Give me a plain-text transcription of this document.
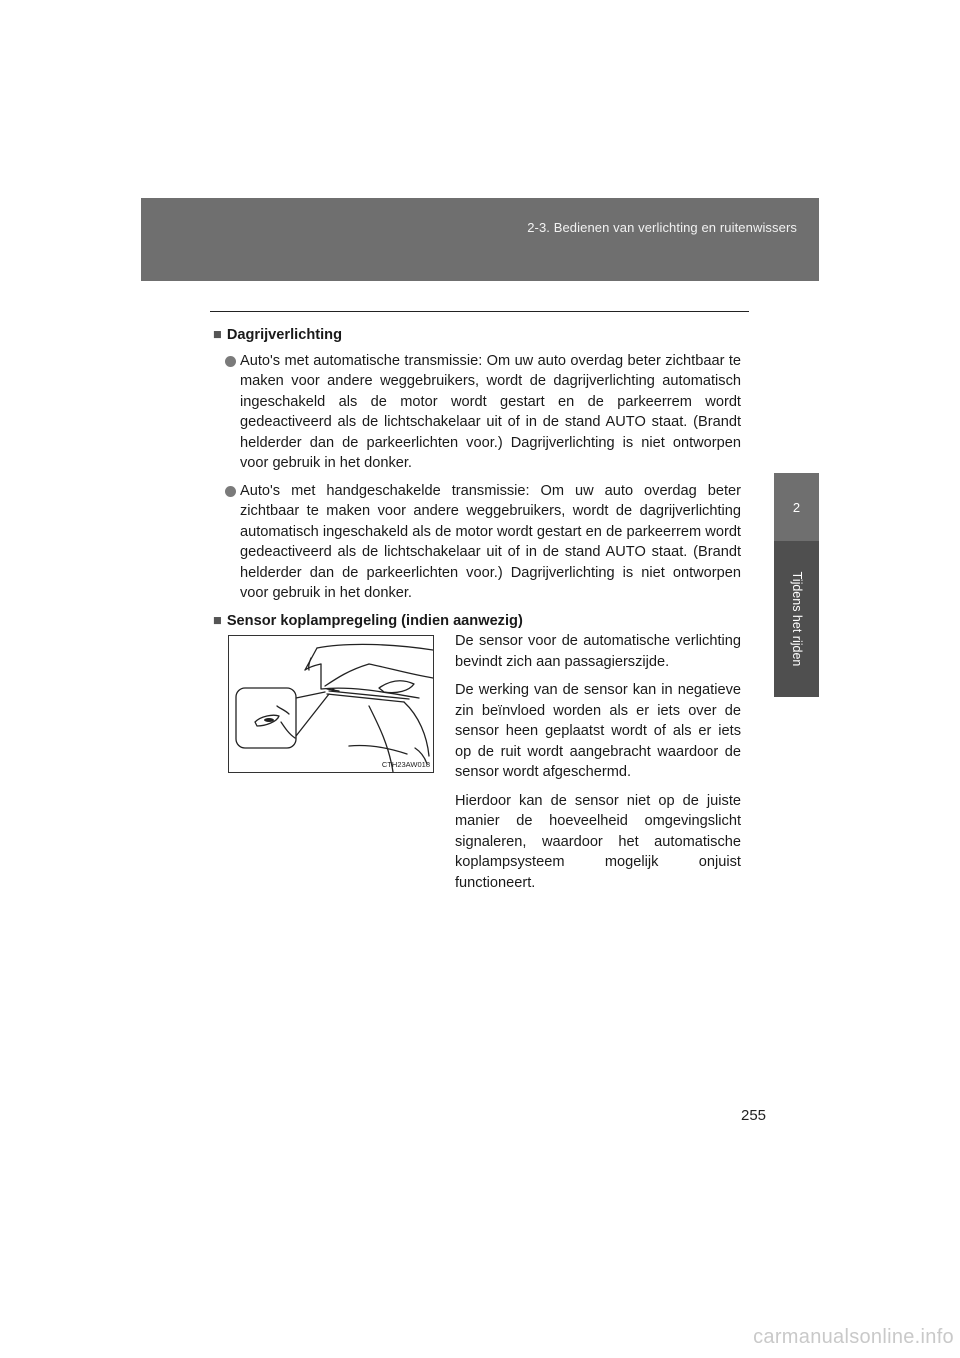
2-3. Bedienen van verlichting en ruitenwissers
2
Tijdens het rijden
■ Dagrijverlichting
Auto's met automatische transmissie: Om uw auto overdag beter zichtbaar te maken voor andere weggebruikers, wordt de dagrijverlichting automatisch ingeschakeld als de motor wordt gestart en de parkeerrem wordt gedeactiveerd als de lichtschakelaar uit of in de stand AUTO staat. (Brandt helderder dan de parkeerlichten voor.) Dagrijverlichting is niet ontworpen voor gebruik in het donker.
Auto's met handgeschakelde transmissie: Om uw auto overdag beter zichtbaar te maken voor andere weggebruikers, wordt de dagrijverlichting automatisch ingeschakeld als de motor wordt gestart en de parkeerrem wordt gedeactiveerd als de lichtschakelaar uit of in de stand AUTO staat. (Brandt helderder dan de parkeerlichten voor.) Dagrijverlichting is niet ontworpen voor gebruik in het donker.
■ Sensor koplampregeling (indien aanwezig)
CTH23AW018

De sensor voor de automatische verlichting bevindt zich aan passagierszijde.

De werking van de sensor kan in negatieve zin beïnvloed worden als er iets over de sensor heen geplaatst wordt of als er iets op de ruit wordt aangebracht waardoor de sensor wordt afgeschermd.

Hierdoor kan de sensor niet op de juiste manier de hoeveelheid omgevingslicht signaleren, waardoor het automatische koplampsysteem mogelijk onjuist functioneert.

255
carmanualsonline.info
